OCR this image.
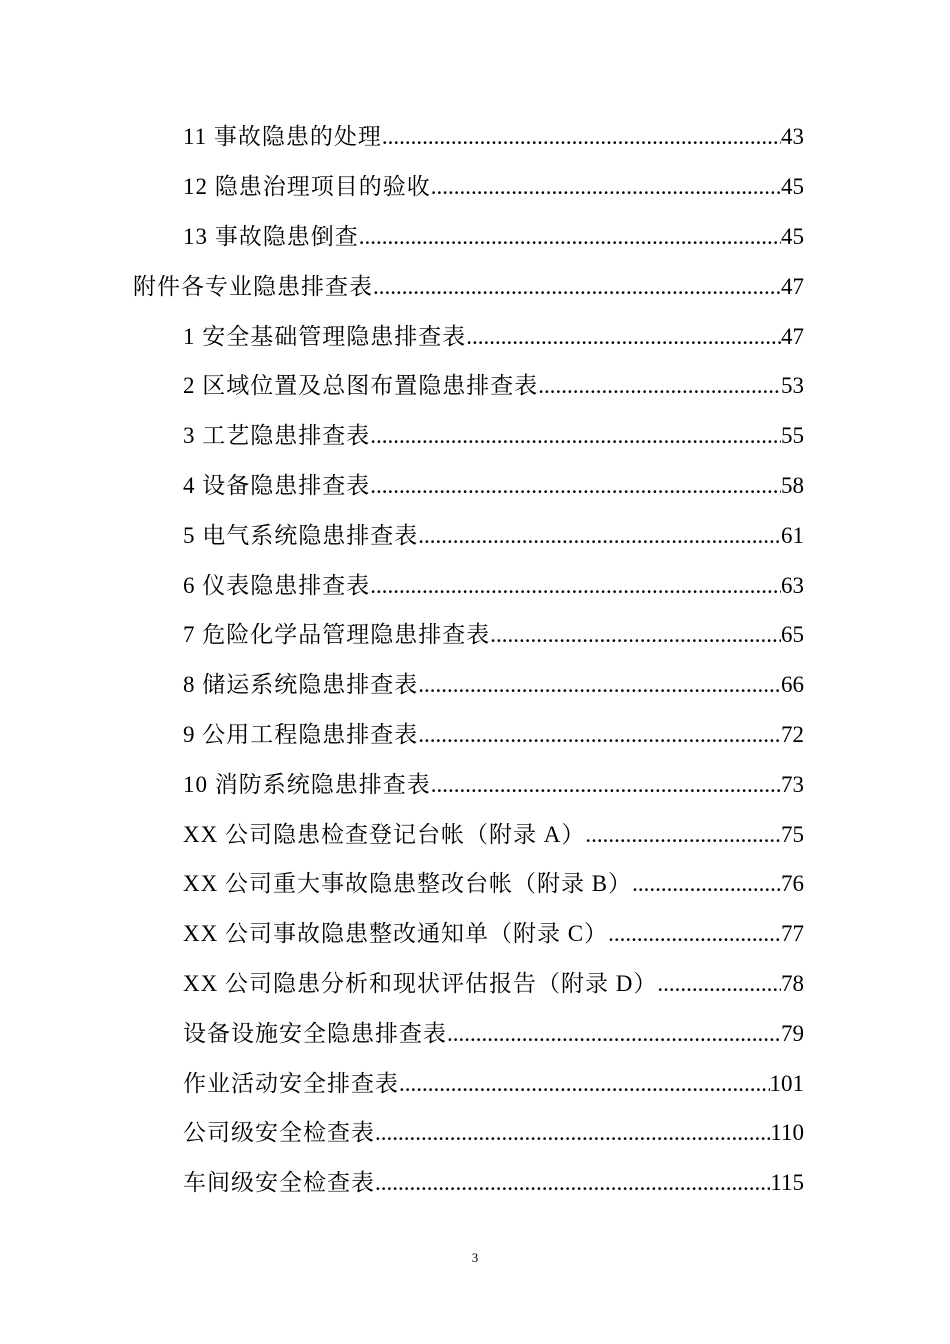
11 事故隐患的处理 .....	43
12 隐患治理项目的验收 .....	45
13 事故隐患倒查 .....	45
附件各专业隐患排查表 .....	47
1 安全基础管理隐患排查表 .....	47
2 区域位置及总图布置隐患排查表 .....	53
3 工艺隐患排查表 .....	55
4 设备隐患排查表 .....	58
5 电气系统隐患排查表 .....	61
6 仪表隐患排查表 .....	63
7 危险化学品管理隐患排查表 .....	65
8 储运系统隐患排查表 .....	66
9 公用工程隐患排查表 .....	72
10 消防系统隐患排查表 .....	73
XX 公司隐患检查登记台帐（附录 A） .....	75
XX 公司重大事故隐患整改台帐（附录 B） .....	76
XX 公司事故隐患整改通知单（附录 C） .....	77
XX 公司隐患分析和现状评估报告（附录 D） .....	78
设备设施安全隐患排查表 .....	79
作业活动安全排查表 .....	101
公司级安全检查表 .....	110
车间级安全检查表 .....	115
3
